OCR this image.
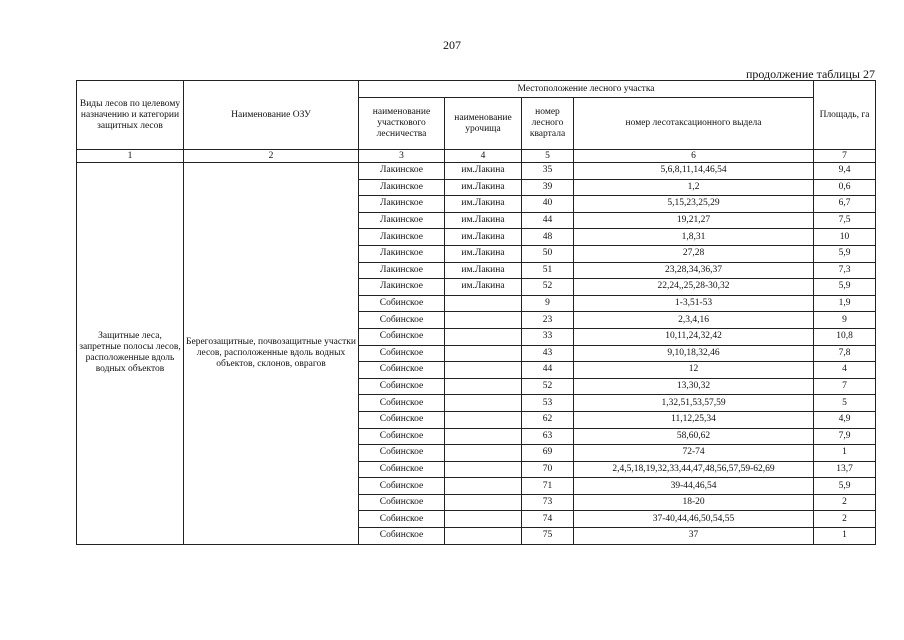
207
продолжение таблицы 27
Виды лесов по целевому назначению и категории защитных лесов	Наименование ОЗУ	Местоположение лесного участка				Площадь, га
		наименование участкового лесничества	наименование урочища	номер лесного квартала	номер лесотаксационного выдела	
1	2	3	4	5	6	7
Защитные леса, запретные полосы лесов, расположенные вдоль водных объектов	Берегозащитные, почвозащитные участки лесов, расположенные вдоль водных объектов, склонов, оврагов	Лакинское	им.Лакина	35	5,6,8,11,14,46,54	9,4
		Лакинское	им.Лакина	39	1,2	0,6
		Лакинское	им.Лакина	40	5,15,23,25,29	6,7
		Лакинское	им.Лакина	44	19,21,27	7,5
		Лакинское	им.Лакина	48	1,8,31	10
		Лакинское	им.Лакина	50	27,28	5,9
		Лакинское	им.Лакина	51	23,28,34,36,37	7,3
		Лакинское	им.Лакина	52	22,24,,25,28-30,32	5,9
		Собинское		9	1-3,51-53	1,9
		Собинское		23	2,3,4,16	9
		Собинское		33	10,11,24,32,42	10,8
		Собинское		43	9,10,18,32,46	7,8
		Собинское		44	12	4
		Собинское		52	13,30,32	7
		Собинское		53	1,32,51,53,57,59	5
		Собинское		62	11,12,25,34	4,9
		Собинское		63	58,60,62	7,9
		Собинское		69	72-74	1
		Собинское		70	2,4,5,18,19,32,33,44,47,48,56,57,59-62,69	13,7
		Собинское		71	39-44,46,54	5,9
		Собинское		73	18-20	2
		Собинское		74	37-40,44,46,50,54,55	2
		Собинское		75	37	1
